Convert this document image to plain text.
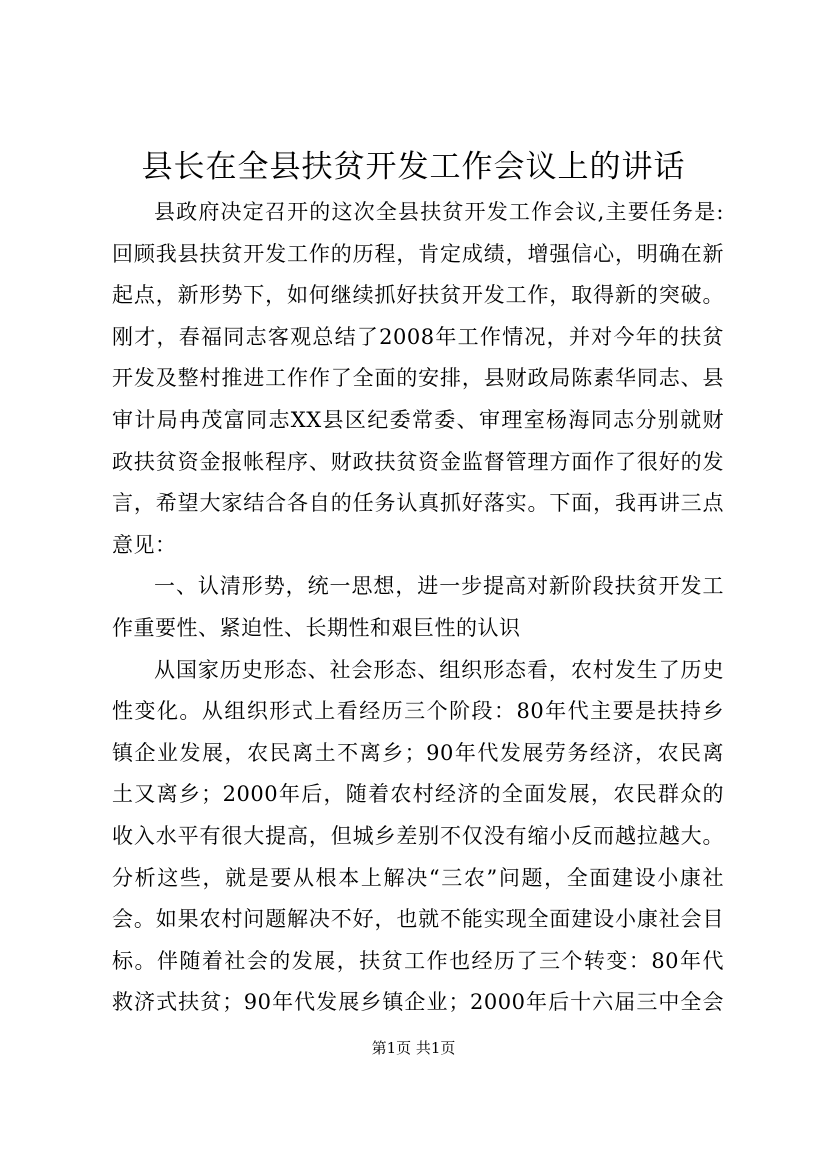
县长在全县扶贫开发工作会议上的讲话
县政府决定召开的这次全县扶贫开发工作会议,主要任务是:
回顾我县扶贫开发工作的历程，肯定成绩，增强信心，明确在新
起点，新形势下，如何继续抓好扶贫开发工作，取得新的突破。
刚才，春福同志客观总结了2008年工作情况，并对今年的扶贫
开发及整村推进工作作了全面的安排，县财政局陈素华同志、县
审计局冉茂富同志XX县区纪委常委、审理室杨海同志分别就财
政扶贫资金报帐程序、财政扶贫资金监督管理方面作了很好的发
言，希望大家结合各自的任务认真抓好落实。下面，我再讲三点
意见：
一、认清形势，统一思想，进一步提高对新阶段扶贫开发工
作重要性、紧迫性、长期性和艰巨性的认识
从国家历史形态、社会形态、组织形态看，农村发生了历史
性变化。从组织形式上看经历三个阶段：80年代主要是扶持乡
镇企业发展，农民离土不离乡；90年代发展劳务经济，农民离
土又离乡；2000年后，随着农村经济的全面发展，农民群众的
收入水平有很大提高，但城乡差别不仅没有缩小反而越拉越大。
分析这些，就是要从根本上解决“三农”问题，全面建设小康社
会。如果农村问题解决不好，也就不能实现全面建设小康社会目
标。伴随着社会的发展，扶贫工作也经历了三个转变：80年代
救济式扶贫；90年代发展乡镇企业；2000年后十六届三中全会
第1页 共1页
